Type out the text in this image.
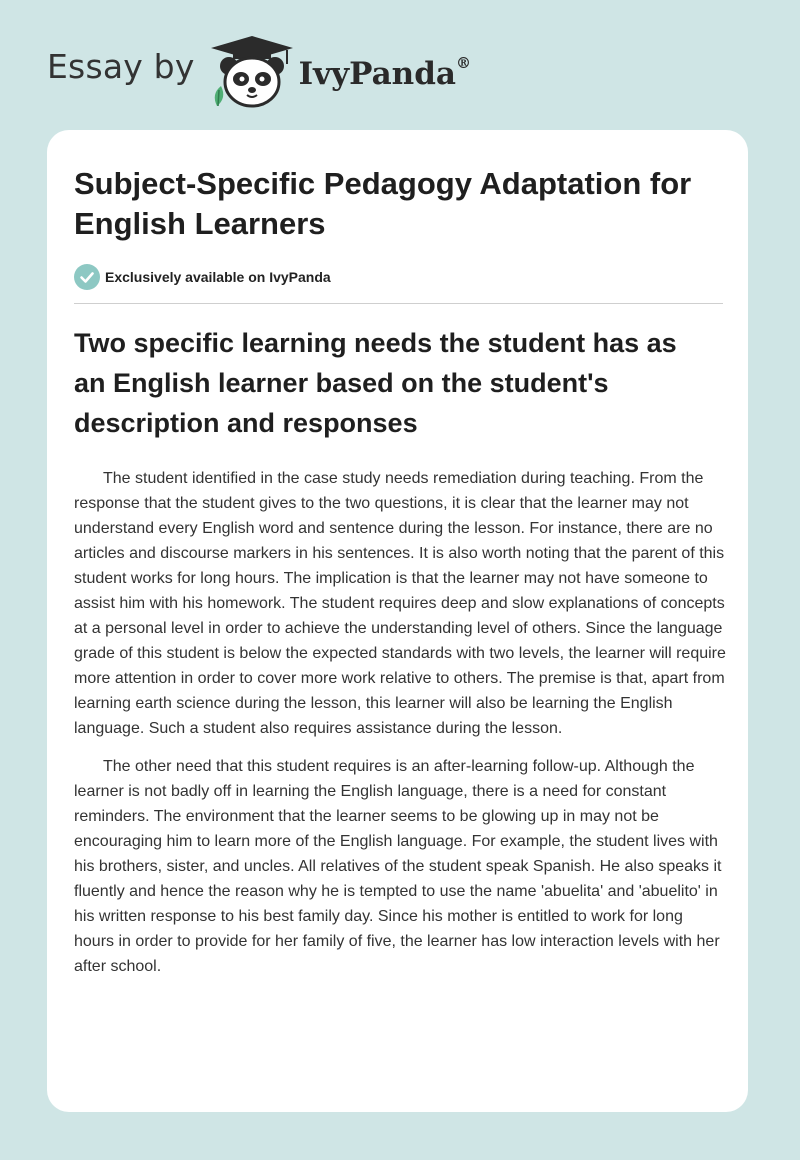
Essay by	IvyPanda®
Subject-Specific Pedagogy Adaptation for English Learners
Exclusively available on IvyPanda
Two specific learning needs the student has as an English learner based on the student's description and responses

The student identified in the case study needs remediation during teaching. From the response that the student gives to the two questions, it is clear that the learner may not understand every English word and sentence during the lesson. For instance, there are no articles and discourse markers in his sentences. It is also worth noting that the parent of this student works for long hours. The implication is that the learner may not have someone to assist him with his homework. The student requires deep and slow explanations of concepts at a personal level in order to achieve the understanding level of others. Since the language grade of this student is below the expected standards with two levels, the learner will require more attention in order to cover more work relative to others. The premise is that, apart from learning earth science during the lesson, this learner will also be learning the English language. Such a student also requires assistance during the lesson.

The other need that this student requires is an after-learning follow-up. Although the learner is not badly off in learning the English language, there is a need for constant reminders. The environment that the learner seems to be glowing up in may not be encouraging him to learn more of the English language. For example, the student lives with his brothers, sister, and uncles. All relatives of the student speak Spanish. He also speaks it fluently and hence the reason why he is tempted to use the name 'abuelita' and 'abuelito' in his written response to his best family day. Since his mother is entitled to work for long hours in order to provide for her family of five, the learner has low interaction levels with her after school.
